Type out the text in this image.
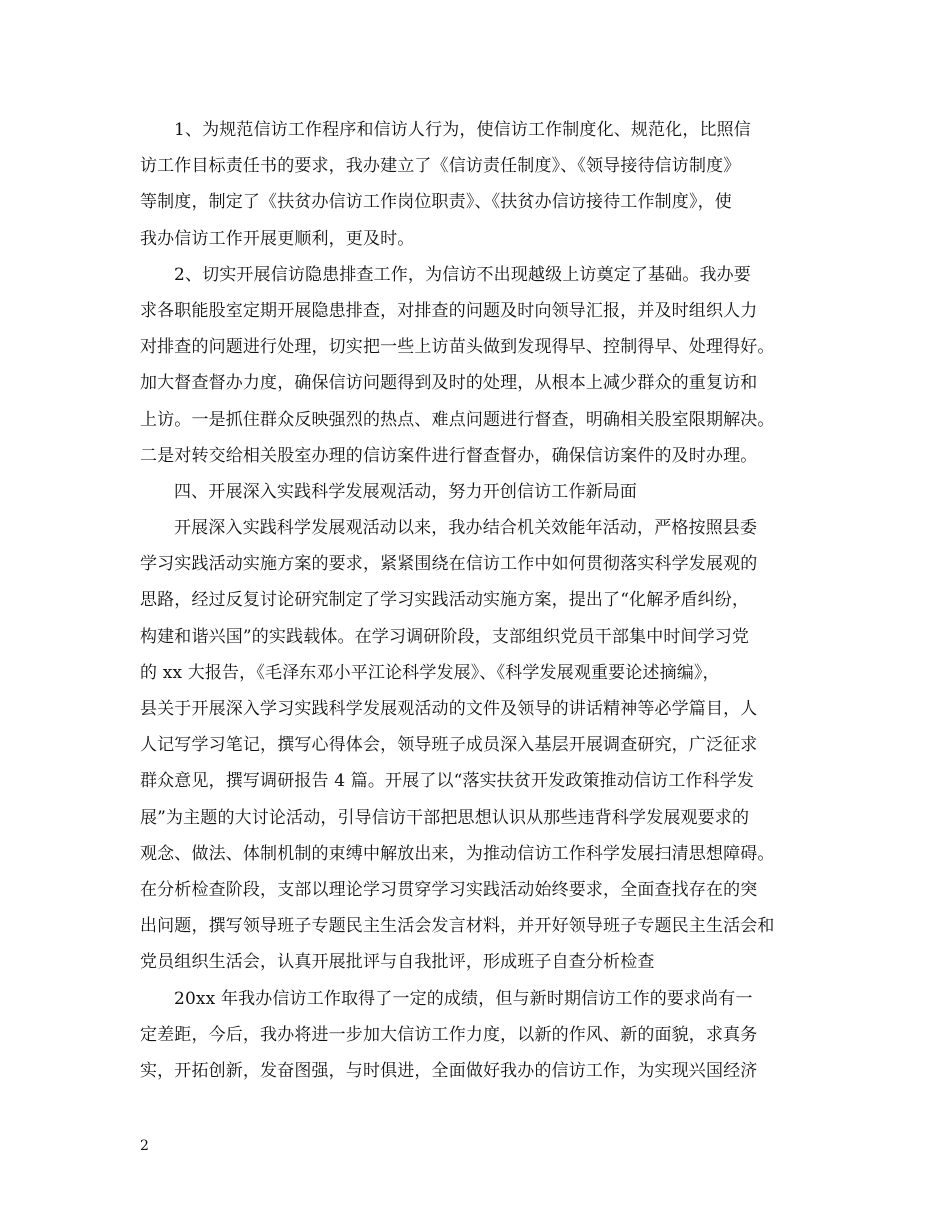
1、为规范信访工作程序和信访人行为，使信访工作制度化、规范化，比照信
访工作目标责任书的要求，我办建立了《信访责任制度》、《领导接待信访制度》
等制度，制定了《扶贫办信访工作岗位职责》、《扶贫办信访接待工作制度》，使
我办信访工作开展更顺利，更及时。
2、切实开展信访隐患排查工作，为信访不出现越级上访奠定了基础。我办要
求各职能股室定期开展隐患排查，对排查的问题及时向领导汇报，并及时组织人力
对排查的问题进行处理，切实把一些上访苗头做到发现得早、控制得早、处理得好。
加大督查督办力度，确保信访问题得到及时的处理，从根本上减少群众的重复访和
上访。一是抓住群众反映强烈的热点、难点问题进行督查，明确相关股室限期解决。
二是对转交给相关股室办理的信访案件进行督查督办，确保信访案件的及时办理。
四、开展深入实践科学发展观活动，努力开创信访工作新局面
开展深入实践科学发展观活动以来，我办结合机关效能年活动，严格按照县委
学习实践活动实施方案的要求，紧紧围绕在信访工作中如何贯彻落实科学发展观的
思路，经过反复讨论研究制定了学习实践活动实施方案，提出了“化解矛盾纠纷，
构建和谐兴国”的实践载体。在学习调研阶段，支部组织党员干部集中时间学习党
的 xx 大报告，《毛泽东邓小平江论科学发展》、《科学发展观重要论述摘编》，
县关于开展深入学习实践科学发展观活动的文件及领导的讲话精神等必学篇目，人
人记写学习笔记，撰写心得体会，领导班子成员深入基层开展调查研究，广泛征求
群众意见，撰写调研报告 4 篇。开展了以“落实扶贫开发政策推动信访工作科学发
展”为主题的大讨论活动，引导信访干部把思想认识从那些违背科学发展观要求的
观念、做法、体制机制的束缚中解放出来，为推动信访工作科学发展扫清思想障碍。
在分析检查阶段，支部以理论学习贯穿学习实践活动始终要求，全面查找存在的突
出问题，撰写领导班子专题民主生活会发言材料，并开好领导班子专题民主生活会和
党员组织生活会，认真开展批评与自我批评，形成班子自查分析检查
20xx 年我办信访工作取得了一定的成绩，但与新时期信访工作的要求尚有一
定差距，今后，我办将进一步加大信访工作力度，以新的作风、新的面貌，求真务
实，开拓创新，发奋图强，与时俱进，全面做好我办的信访工作，为实现兴国经济
2
